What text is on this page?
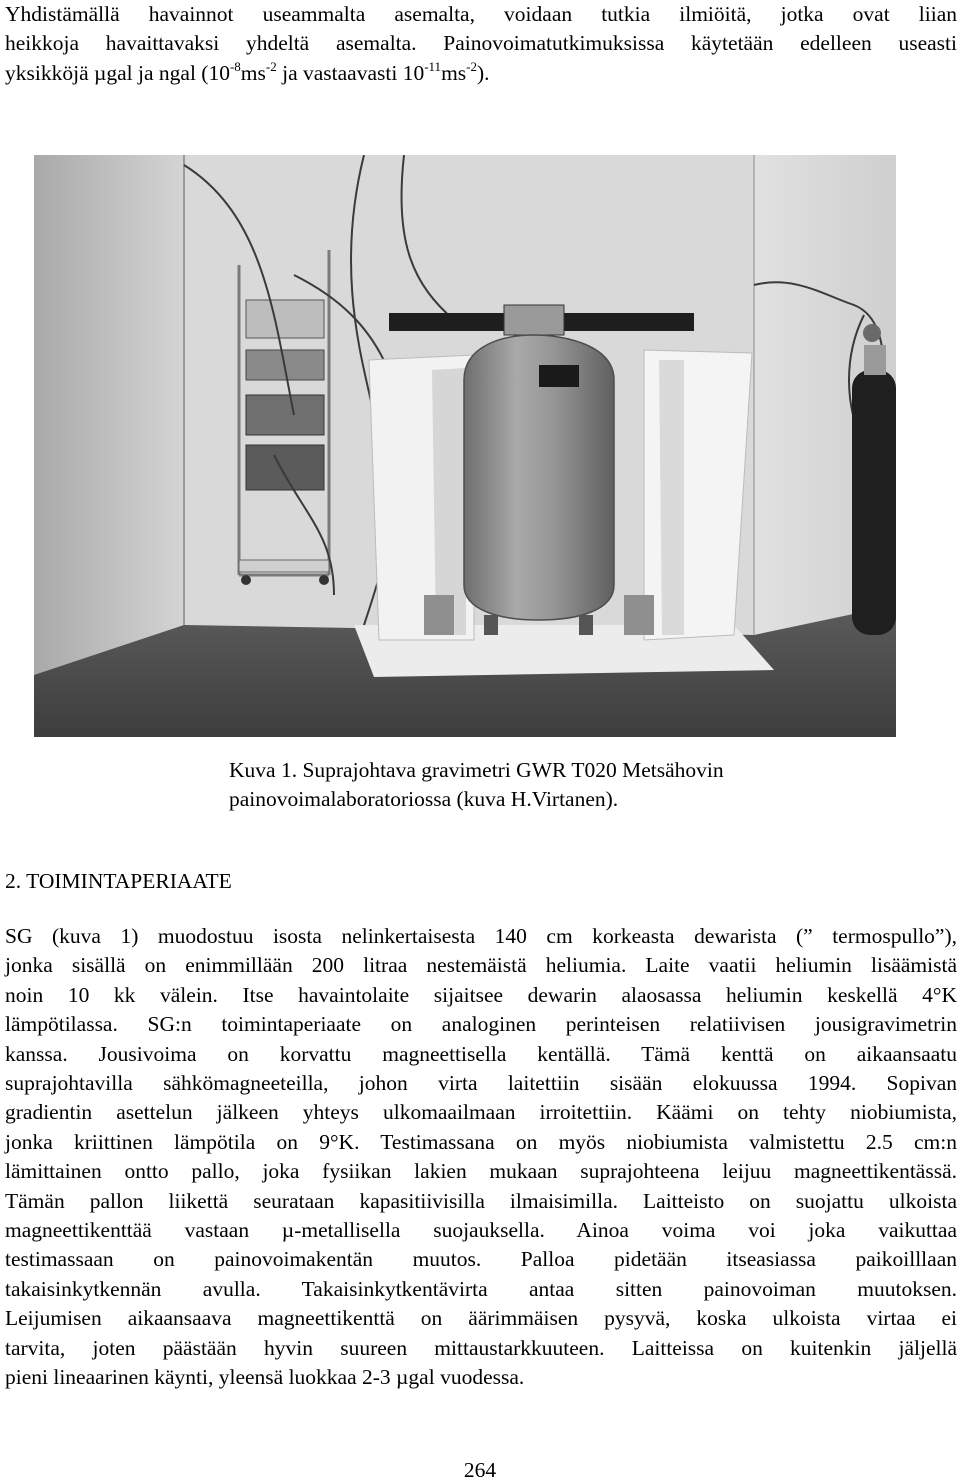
Yhdistämällä havainnot useammalta asemalta, voidaan tutkia ilmiöitä, jotka ovat liian
heikkoja havaittavaksi yhdeltä asemalta. Painovoimatutkimuksissa käytetään edelleen useasti
yksikköjä µgal ja ngal ($10^{-8}ms^{-2}$ ja vastaavasti $10^{-11}ms^{-2}$).
Kuva 1. Suprajohtava gravimetri GWR T020 Metsähovin
painovoimalaboratoriossa (kuva H.Virtanen).
2. TOIMINTAPERIAATE
SG (kuva 1) muodostuu isosta nelinkertaisesta 140 cm korkeasta dewarista (” termospullo”),
jonka sisällä on enimmillään 200 litraa nestemäistä heliumia. Laite vaatii heliumin lisäämistä
noin 10 kk välein. Itse havaintolaite sijaitsee dewarin alaosassa heliumin keskellä 4°K
lämpötilassa. SG:n toimintaperiaate on analoginen perinteisen relatiivisen jousigravimetrin
kanssa. Jousivoima on korvattu magneettisella kentällä. Tämä kenttä on aikaansaatu
suprajohtavilla sähkömagneeteilla, johon virta laitettiin sisään elokuussa 1994. Sopivan
gradientin asettelun jälkeen yhteys ulkomaailmaan irroitettiin. Käämi on tehty niobiumista,
jonka kriittinen lämpötila on 9°K. Testimassana on myös niobiumista valmistettu 2.5 cm:n
lämittainen ontto pallo, joka fysiikan lakien mukaan suprajohteena leijuu magneettikentässä.
Tämän pallon liikettä seurataan kapasitiivisilla ilmaisimilla. Laitteisto on suojattu ulkoista
magneettikenttää vastaan µ-metallisella suojauksella. Ainoa voima voi joka vaikuttaa
testimassaan on painovoimakentän muutos. Palloa pidetään itseasiassa paikoilllaan
takaisinkytkennän avulla. Takaisinkytkentävirta antaa sitten painovoiman muutoksen.
Leijumisen aikaansaava magneettikenttä on äärimmäisen pysyvä, koska ulkoista virtaa ei
tarvita, joten päästään hyvin suureen mittaustarkkuuteen. Laitteissa on kuitenkin jäljellä
pieni lineaarinen käynti, yleensä luokkaa 2-3 µgal vuodessa.
264
